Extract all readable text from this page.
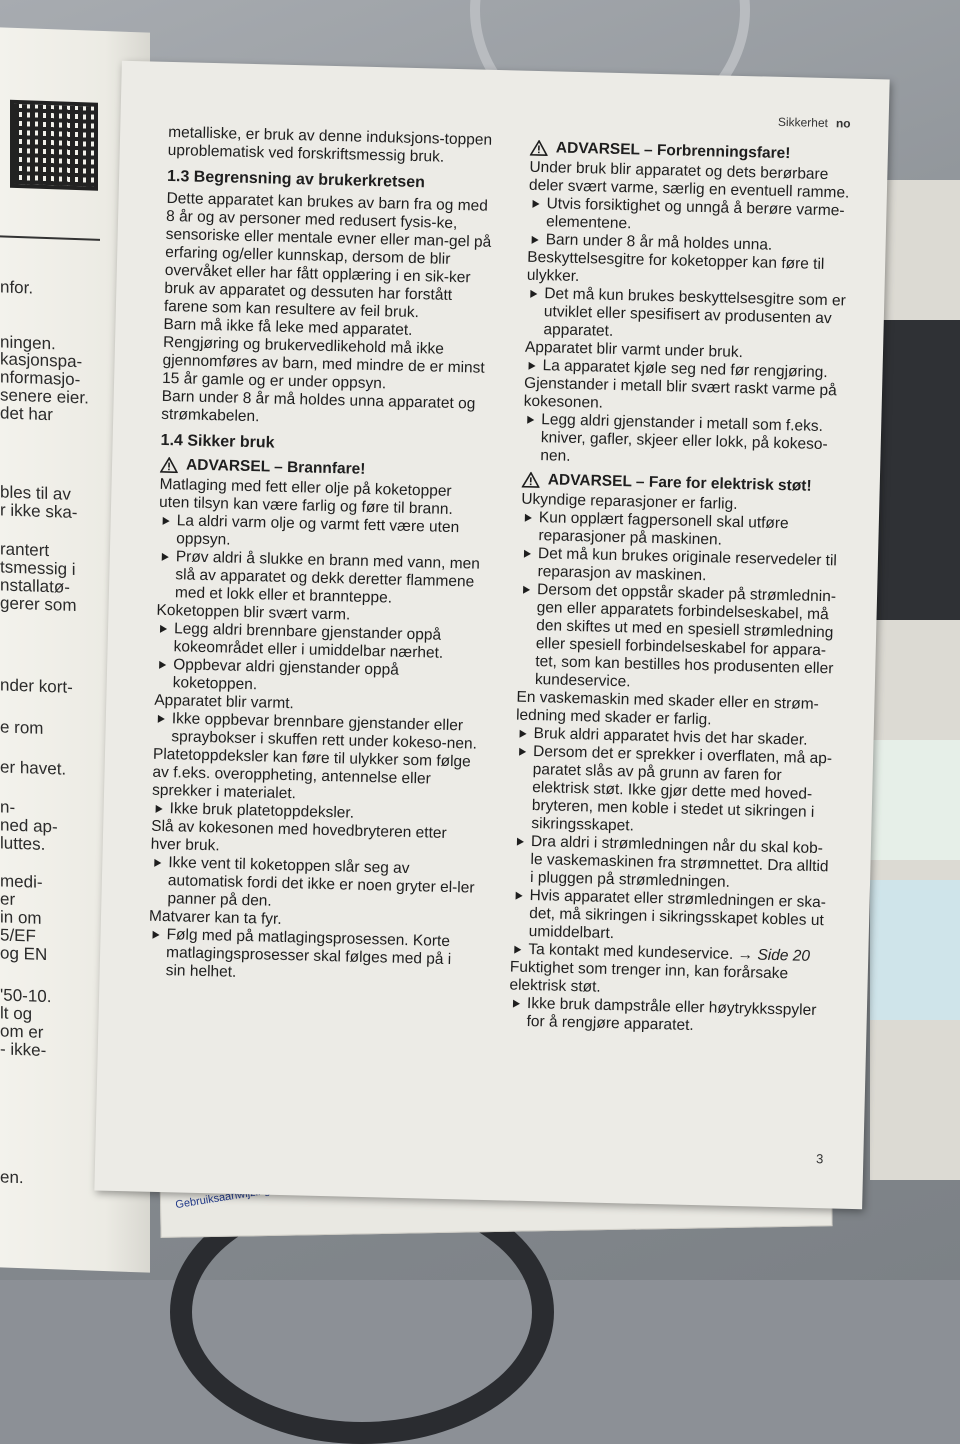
Gebruiksaanwijzing
nfor.
ningen.
kasjonspa-
nformasjo-
senere eier.
det har
bles til av
r ikke ska-
rantert
tsmessig i
nstallatø-
gerer som
nder kort-
e rom
er havet.
n-
ned ap-
luttes.
medi-
er
in om
5/EF
og EN
'50-10.
lt og
om er
- ikke-
en.
Sikkerhet no

metalliske, er bruk av denne induksjons-toppen uproblematisk ved forskriftsmessig bruk.

1.3 Begrensning av brukerkretsen

Dette apparatet kan brukes av barn fra og med 8 år og av personer med redusert fysis-ke, sensoriske eller mentale evner eller man-gel på erfaring og/eller kunnskap, dersom de blir overvåket eller har fått opplæring i en sik-ker bruk av apparatet og dessuten har forstått farene som kan resultere av feil bruk.

Barn må ikke få leke med apparatet.

Rengjøring og brukervedlikehold må ikke gjennomføres av barn, med mindre de er minst 15 år gamle og er under oppsyn.

Barn under 8 år må holdes unna apparatet og strømkabelen.

1.4 Sikker bruk
ADVARSEL – Brannfare!

Matlaging med fett eller olje på koketopper uten tilsyn kan være farlig og føre til brann.

La aldri varm olje og varmt fett være uten oppsyn.
Prøv aldri å slukke en brann med vann, men slå av apparatet og dekk deretter flammene med et lokk eller et brannteppe.

Koketoppen blir svært varm.

Legg aldri brennbare gjenstander oppå kokeområdet eller i umiddelbar nærhet.
Oppbevar aldri gjenstander oppå koketoppen.

Apparatet blir varmt.

Ikke oppbevar brennbare gjenstander eller spraybokser i skuffen rett under kokeso-nen.

Platetoppdeksler kan føre til ulykker som følge av f.eks. overoppheting, antennelse eller sprekker i materialet.

Ikke bruk platetoppdeksler.

Slå av kokesonen med hovedbryteren etter hver bruk.

Ikke vent til koketoppen slår seg av automatisk fordi det ikke er noen gryter el-ler panner på den.

Matvarer kan ta fyr.

Følg med på matlagingsprosessen. Korte matlagingsprosesser skal følges med på i sin helhet.
ADVARSEL – Forbrenningsfare!

Under bruk blir apparatet og dets berørbare deler svært varme, særlig en eventuell ramme.

Utvis forsiktighet og unngå å berøre varme-elementene.
Barn under 8 år må holdes unna.

Beskyttelsesgitre for koketopper kan føre til ulykker.

Det må kun brukes beskyttelsesgitre som er utviklet eller spesifisert av produsenten av apparatet.

Apparatet blir varmt under bruk.

La apparatet kjøle seg ned før rengjøring.

Gjenstander i metall blir svært raskt varme på kokesonen.

Legg aldri gjenstander i metall som f.eks. kniver, gafler, skjeer eller lokk, på kokeso-nen.
ADVARSEL – Fare for elektrisk støt!

Ukyndige reparasjoner er farlig.

Kun opplært fagpersonell skal utføre reparasjoner på maskinen.
Det må kun brukes originale reservedeler til reparasjon av maskinen.
Dersom det oppstår skader på strømlednin-gen eller apparatets forbindelseskabel, må den skiftes ut med en spesiell strømledning eller spesiell forbindelseskabel for appara-tet, som kan bestilles hos produsenten eller kundeservice.

En vaskemaskin med skader eller en strøm-ledning med skader er farlig.

Bruk aldri apparatet hvis det har skader.
Dersom det er sprekker i overflaten, må ap-paratet slås av på grunn av faren for elektrisk støt. Ikke gjør dette med hoved-bryteren, men koble i stedet ut sikringen i sikringsskapet.
Dra aldri i strømledningen når du skal kob-le vaskemaskinen fra strømnettet. Dra alltid i pluggen på strømledningen.
Hvis apparatet eller strømledningen er ska-det, må sikringen i sikringsskapet kobles ut umiddelbart.
Ta kontakt med kundeservice. → Side 20

Fuktighet som trenger inn, kan forårsake elektrisk støt.

Ikke bruk dampstråle eller høytrykksspyler for å rengjøre apparatet.
3
